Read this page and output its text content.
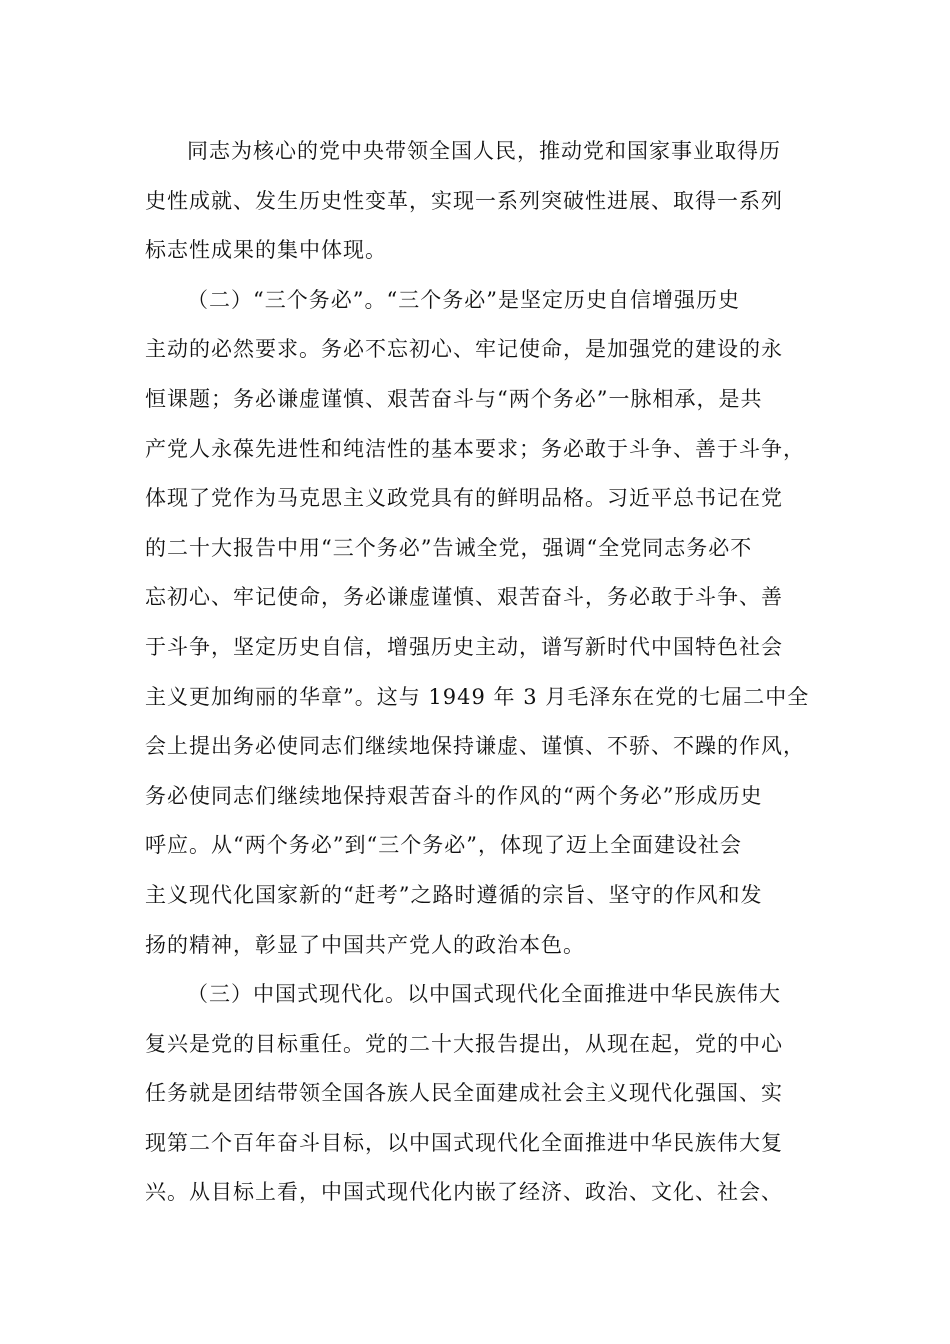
同志为核心的党中央带领全国人民，推动党和国家事业取得历
史性成就、发生历史性变革，实现一系列突破性进展、取得一系列
标志性成果的集中体现。
（二）“三个务必”。“三个务必”是坚定历史自信增强历史
主动的必然要求。务必不忘初心、牢记使命，是加强党的建设的永
恒课题；务必谦虚谨慎、艰苦奋斗与“两个务必”一脉相承，是共
产党人永葆先进性和纯洁性的基本要求；务必敢于斗争、善于斗争，
体现了党作为马克思主义政党具有的鲜明品格。习近平总书记在党
的二十大报告中用“三个务必”告诫全党，强调“全党同志务必不
忘初心、牢记使命，务必谦虚谨慎、艰苦奋斗，务必敢于斗争、善
于斗争，坚定历史自信，增强历史主动，谱写新时代中国特色社会
主义更加绚丽的华章”。这与 1949 年 3 月毛泽东在党的七届二中全
会上提出务必使同志们继续地保持谦虚、谨慎、不骄、不躁的作风，
务必使同志们继续地保持艰苦奋斗的作风的“两个务必”形成历史
呼应。从“两个务必”到“三个务必”，体现了迈上全面建设社会
主义现代化国家新的“赶考”之路时遵循的宗旨、坚守的作风和发
扬的精神，彰显了中国共产党人的政治本色。
（三）中国式现代化。以中国式现代化全面推进中华民族伟大
复兴是党的目标重任。党的二十大报告提出，从现在起，党的中心
任务就是团结带领全国各族人民全面建成社会主义现代化强国、实
现第二个百年奋斗目标，以中国式现代化全面推进中华民族伟大复
兴。从目标上看，中国式现代化内嵌了经济、政治、文化、社会、
